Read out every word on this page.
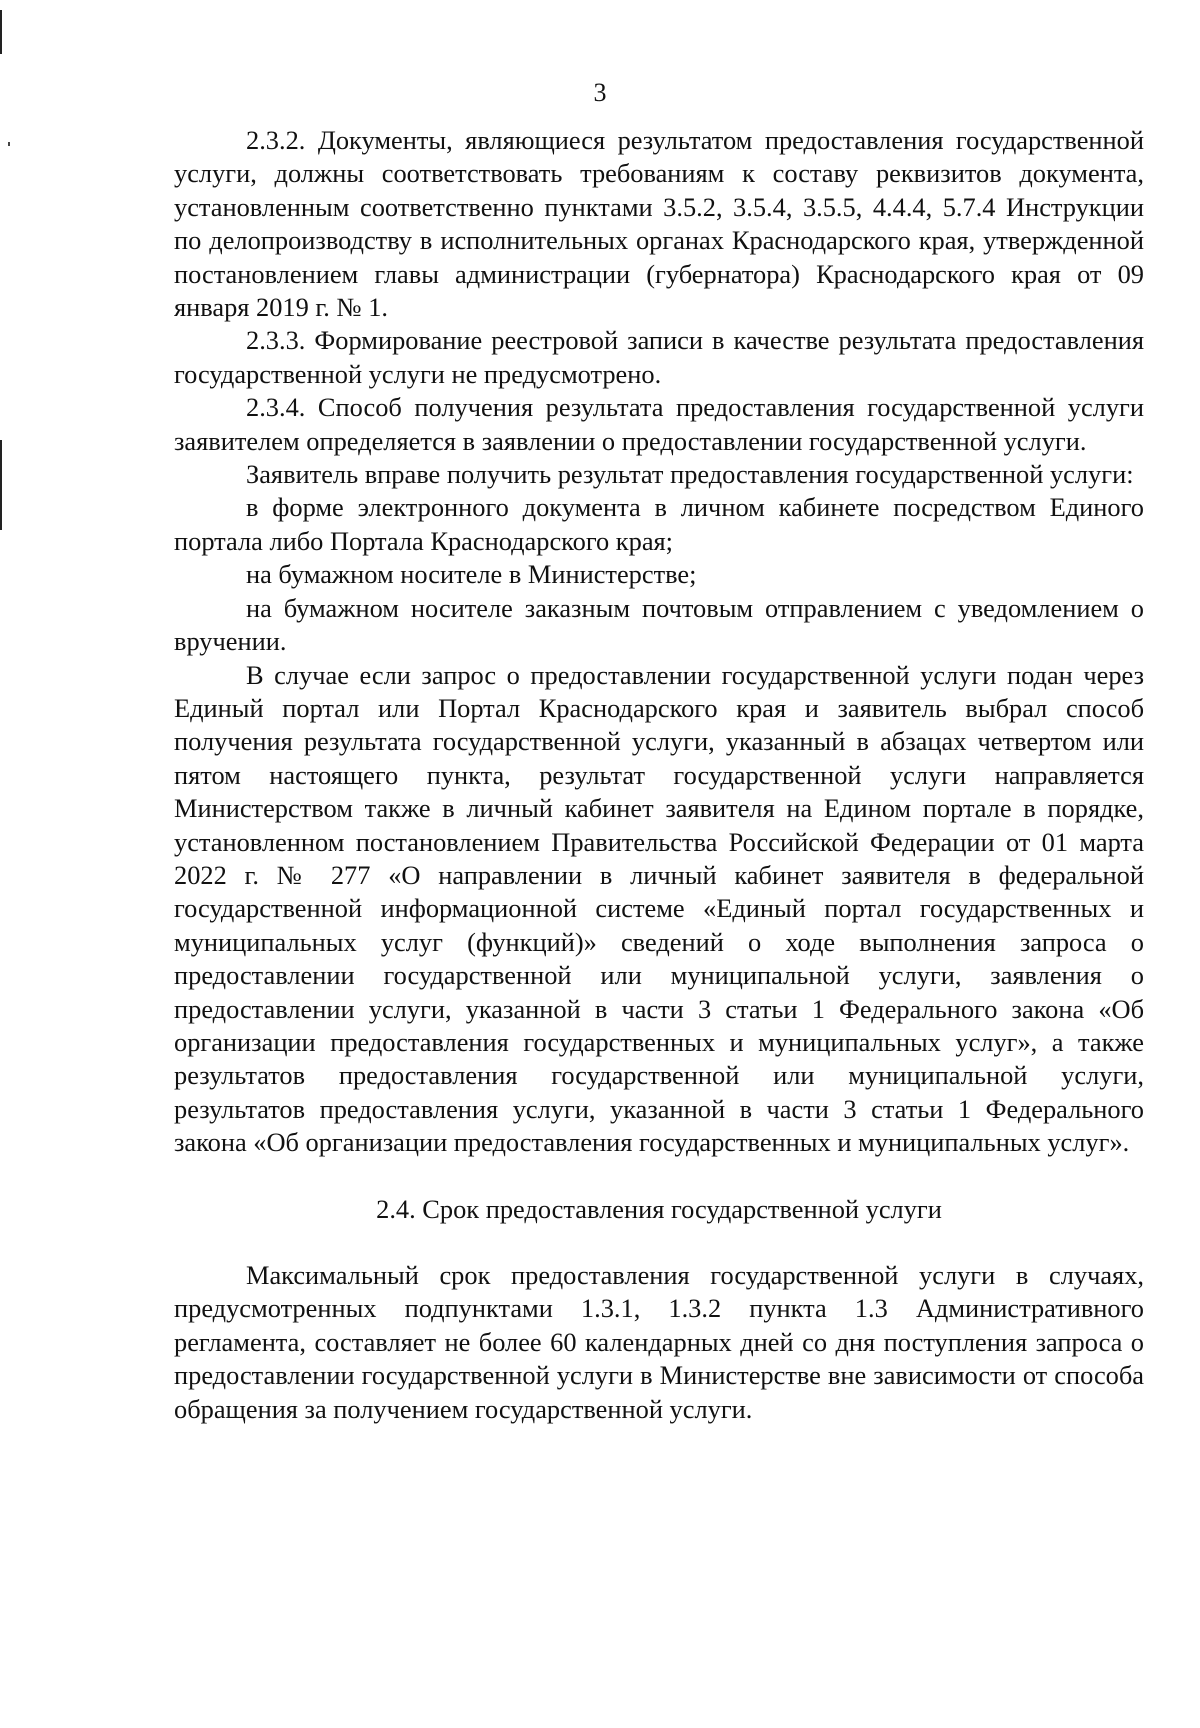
3

2.3.2. Документы, являющиеся результатом предоставления государственной услуги, должны соответствовать требованиям к составу реквизитов документа, установленным соответственно пунктами 3.5.2, 3.5.4, 3.5.5, 4.4.4, 5.7.4 Инструкции по делопроизводству в исполнительных органах Краснодарского края, утвержденной постановлением главы администрации (губернатора) Краснодарского края от 09 января 2019 г. № 1.

2.3.3. Формирование реестровой записи в качестве результата предоставления государственной услуги не предусмотрено.

2.3.4. Способ получения результата предоставления государственной услуги заявителем определяется в заявлении о предоставлении государственной услуги.

Заявитель вправе получить результат предоставления государственной услуги:

в форме электронного документа в личном кабинете посредством Единого портала либо Портала Краснодарского края;

на бумажном носителе в Министерстве;

на бумажном носителе заказным почтовым отправлением с уведомлением о вручении.

В случае если запрос о предоставлении государственной услуги подан через Единый портал или Портал Краснодарского края и заявитель выбрал способ получения результата государственной услуги, указанный в абзацах четвертом или пятом настоящего пункта, результат государственной услуги направляется Министерством также в личный кабинет заявителя на Едином портале в порядке, установленном постановлением Правительства Российской Федерации от 01 марта 2022 г. № 277 «О направлении в личный кабинет заявителя в федеральной государственной информационной системе «Единый портал государственных и муниципальных услуг (функций)» сведений о ходе выполнения запроса о предоставлении государственной или муниципальной услуги, заявления о предоставлении услуги, указанной в части 3 статьи 1 Федерального закона «Об организации предоставления государственных и муниципальных услуг», а также результатов предоставления государственной или муниципальной услуги, результатов предоставления услуги, указанной в части 3 статьи 1 Федерального закона «Об организации предоставления государственных и муниципальных услуг».

2.4. Срок предоставления государственной услуги

Максимальный срок предоставления государственной услуги в случаях, предусмотренных подпунктами 1.3.1, 1.3.2 пункта 1.3 Административного регламента, составляет не более 60 календарных дней со дня поступления запроса о предоставлении государственной услуги в Министерстве вне зависимости от способа обращения за получением государственной услуги.
